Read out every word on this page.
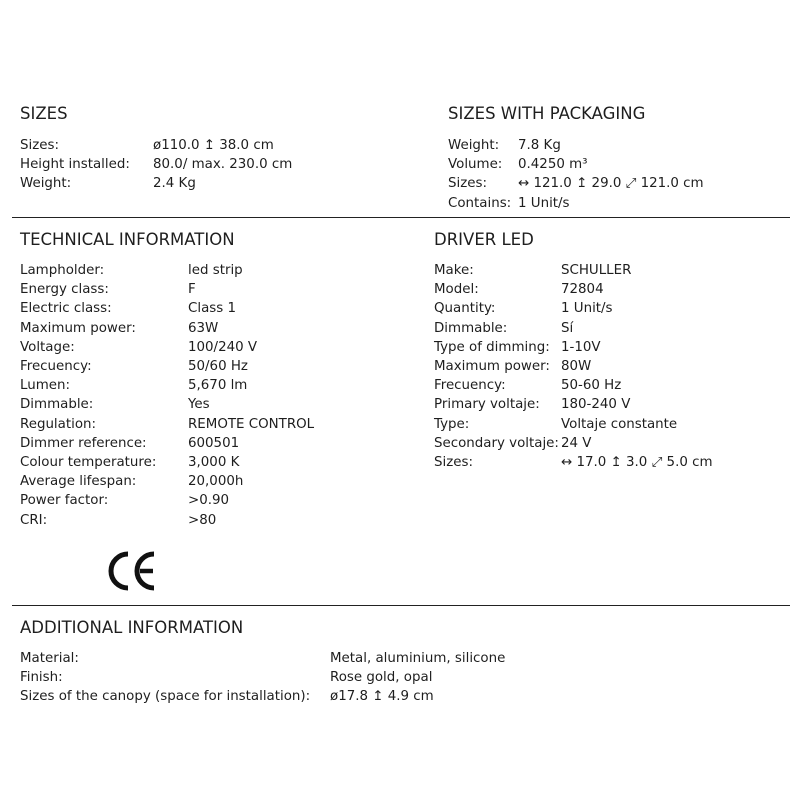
SIZES
Sizes:	ø110.0 ↥ 38.0 cm
Height installed:	80.0/ max. 230.0 cm
Weight:	2.4 Kg
SIZES WITH PACKAGING
Weight:	7.8 Kg
Volume:	0.4250 m³
Sizes:	↔ 121.0 ↥ 29.0 ⤢ 121.0 cm
Contains: 1 Unit/s
TECHNICAL INFORMATION
Lampholder:	led strip
Energy class:	F
Electric class:	Class 1
Maximum power:	63W
Voltage:	100/240 V
Frecuency:	50/60 Hz
Lumen:	5,670 lm
Dimmable:	Yes
Regulation:	REMOTE CONTROL
Dimmer reference:	600501
Colour temperature:	3,000 K
Average lifespan:	20,000h
Power factor:	>0.90
CRI:	>80
DRIVER LED
Make:	SCHULLER
Model:	72804
Quantity:	1 Unit/s
Dimmable:	Sí
Type of dimming: 1-10V
Maximum power: 80W
Frecuency:	50-60 Hz
Primary voltaje:	180-240 V
Type:	Voltaje constante
Secondary voltaje: 24 V
Sizes:	↔ 17.0 ↥ 3.0 ⤢ 5.0 cm
ADDITIONAL INFORMATION
Material:	Metal, aluminium, silicone
Finish:	Rose gold, opal
Sizes of the canopy (space for installation):	ø17.8 ↥ 4.9 cm
